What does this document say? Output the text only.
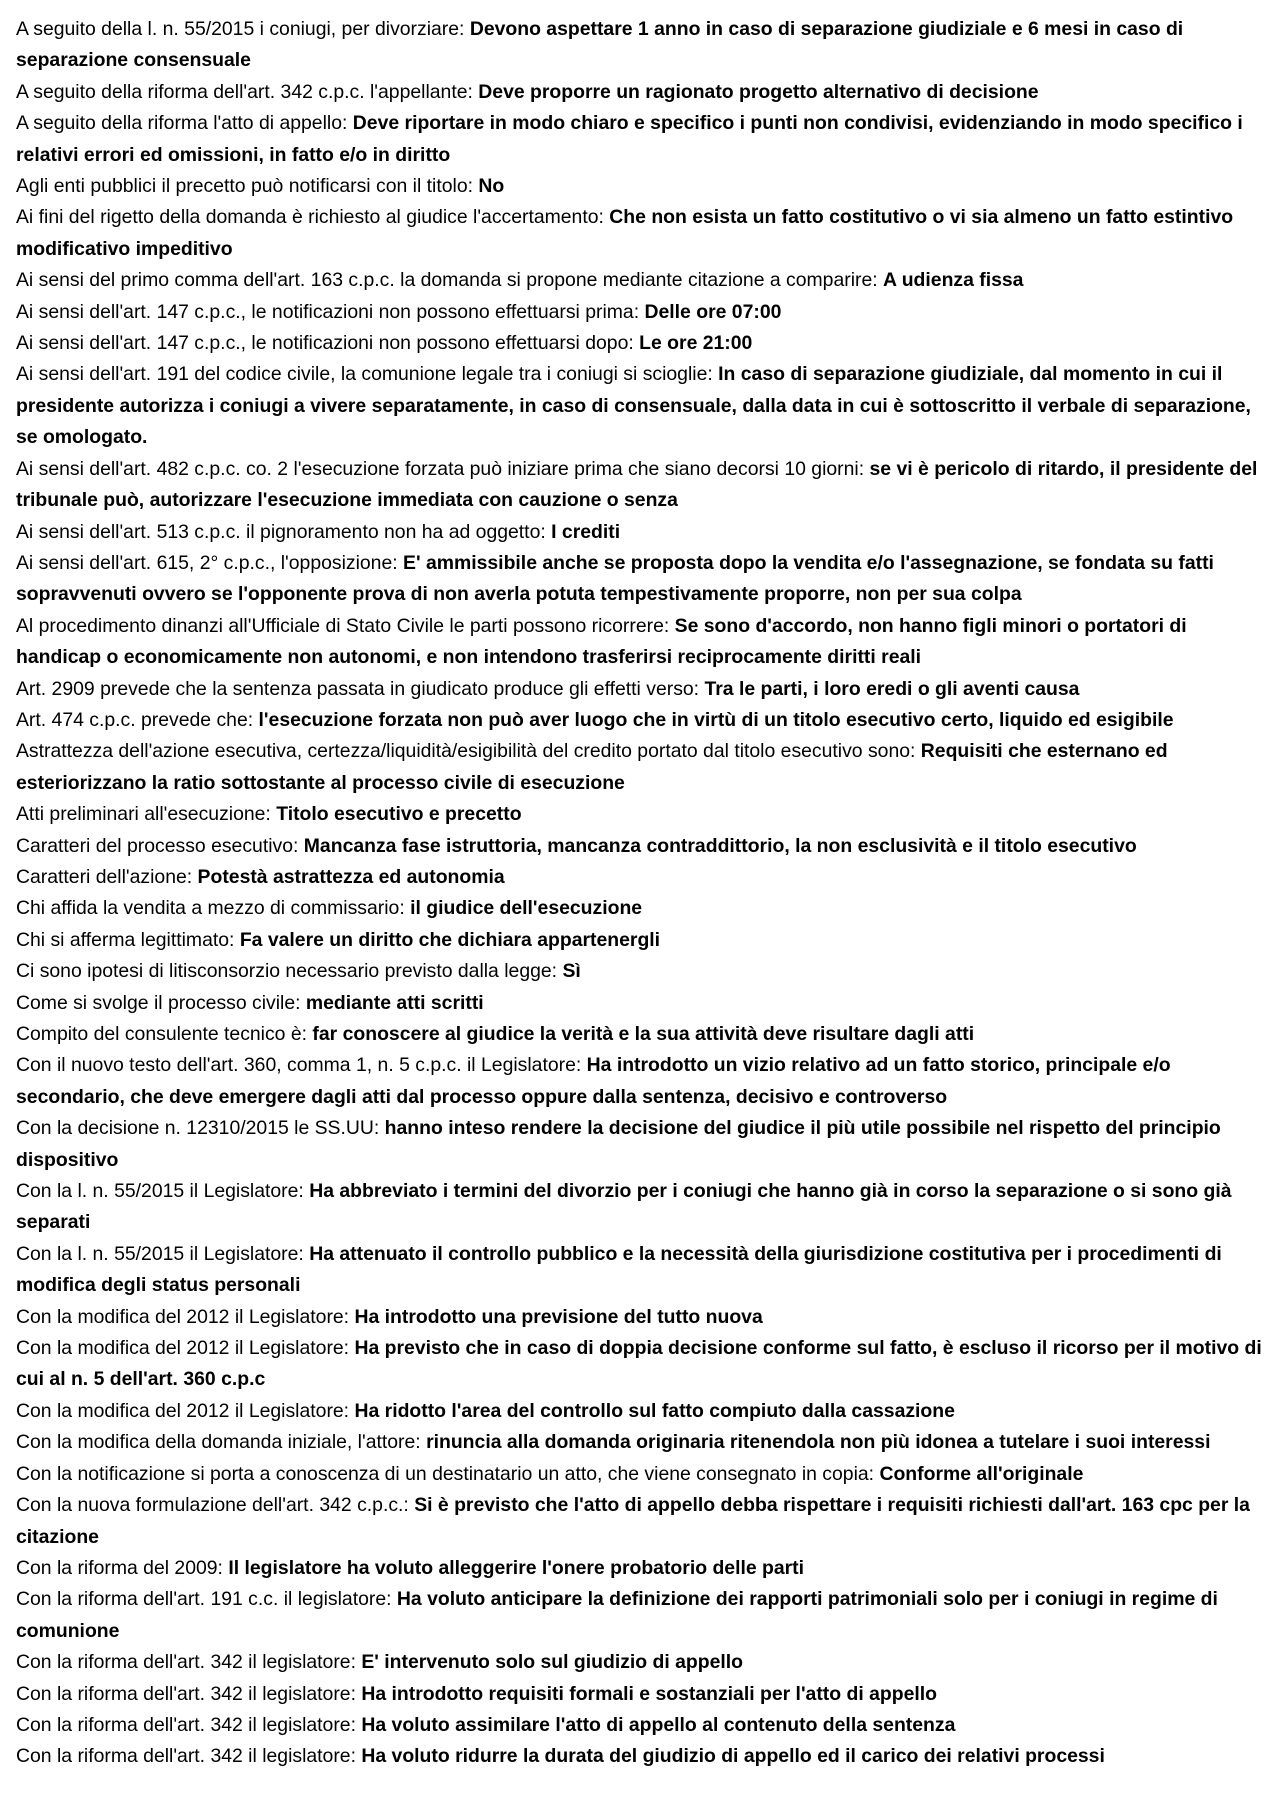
A seguito della l. n. 55/2015 i coniugi, per divorziare: Devono aspettare 1 anno in caso di separazione giudiziale e 6 mesi in caso di separazione consensuale

A seguito della riforma dell'art. 342 c.p.c. l'appellante: Deve proporre un ragionato progetto alternativo di decisione

A seguito della riforma l'atto di appello: Deve riportare in modo chiaro e specifico i punti non condivisi, evidenziando in modo specifico i relativi errori ed omissioni, in fatto e/o in diritto

Agli enti pubblici il precetto può notificarsi con il titolo: No

Ai fini del rigetto della domanda è richiesto al giudice l'accertamento: Che non esista un fatto costitutivo o vi sia almeno un fatto estintivo modificativo impeditivo

Ai sensi del primo comma dell'art. 163 c.p.c. la domanda si propone mediante citazione a comparire: A udienza fissa

Ai sensi dell'art. 147 c.p.c., le notificazioni non possono effettuarsi prima: Delle ore 07:00

Ai sensi dell'art. 147 c.p.c., le notificazioni non possono effettuarsi dopo: Le ore 21:00

Ai sensi dell'art. 191 del codice civile, la comunione legale tra i coniugi si scioglie: In caso di separazione giudiziale, dal momento in cui il presidente autorizza i coniugi a vivere separatamente, in caso di consensuale, dalla data in cui è sottoscritto il verbale di separazione, se omologato.

Ai sensi dell'art. 482 c.p.c. co. 2 l'esecuzione forzata può iniziare prima che siano decorsi 10 giorni: se vi è pericolo di ritardo, il presidente del tribunale può, autorizzare l'esecuzione immediata con cauzione o senza

Ai sensi dell'art. 513 c.p.c. il pignoramento non ha ad oggetto: I crediti

Ai sensi dell'art. 615, 2° c.p.c., l'opposizione: E' ammissibile anche se proposta dopo la vendita e/o l'assegnazione, se fondata su fatti sopravvenuti ovvero se l'opponente prova di non averla potuta tempestivamente proporre, non per sua colpa

Al procedimento dinanzi all'Ufficiale di Stato Civile le parti possono ricorrere: Se sono d'accordo, non hanno figli minori o portatori di handicap o economicamente non autonomi, e non intendono trasferirsi reciprocamente diritti reali

Art. 2909 prevede che la sentenza passata in giudicato produce gli effetti verso: Tra le parti, i loro eredi o gli aventi causa

Art. 474 c.p.c. prevede che: l'esecuzione forzata non può aver luogo che in virtù di un titolo esecutivo certo, liquido ed esigibile

Astrattezza dell'azione esecutiva, certezza/liquidità/esigibilità del credito portato dal titolo esecutivo sono: Requisiti che esternano ed esteriorizzano la ratio sottostante al processo civile di esecuzione

Atti preliminari all'esecuzione: Titolo esecutivo e precetto

Caratteri del processo esecutivo: Mancanza fase istruttoria, mancanza contraddittorio, la non esclusività e il titolo esecutivo

Caratteri dell'azione: Potestà astrattezza ed autonomia

Chi affida la vendita a mezzo di commissario: il giudice dell'esecuzione

Chi si afferma legittimato: Fa valere un diritto che dichiara appartenergli

Ci sono ipotesi di litisconsorzio necessario previsto dalla legge: Sì

Come si svolge il processo civile: mediante atti scritti

Compito del consulente tecnico è: far conoscere al giudice la verità e la sua attività deve risultare dagli atti

Con il nuovo testo dell'art. 360, comma 1, n. 5 c.p.c. il Legislatore: Ha introdotto un vizio relativo ad un fatto storico, principale e/o secondario, che deve emergere dagli atti dal processo oppure dalla sentenza, decisivo e controverso

Con la decisione n. 12310/2015 le SS.UU: hanno inteso rendere la decisione del giudice il più utile possibile nel rispetto del principio dispositivo

Con la l. n. 55/2015 il Legislatore: Ha abbreviato i termini del divorzio per i coniugi che hanno già in corso la separazione o si sono già separati

Con la l. n. 55/2015 il Legislatore: Ha attenuato il controllo pubblico e la necessità della giurisdizione costitutiva per i procedimenti di modifica degli status personali

Con la modifica del 2012 il Legislatore: Ha introdotto una previsione del tutto nuova

Con la modifica del 2012 il Legislatore: Ha previsto che in caso di doppia decisione conforme sul fatto, è escluso il ricorso per il motivo di cui al n. 5 dell'art. 360 c.p.c

Con la modifica del 2012 il Legislatore: Ha ridotto l'area del controllo sul fatto compiuto dalla cassazione

Con la modifica della domanda iniziale, l'attore: rinuncia alla domanda originaria ritenendola non più idonea a tutelare i suoi interessi

Con la notificazione si porta a conoscenza di un destinatario un atto, che viene consegnato in copia: Conforme all'originale

Con la nuova formulazione dell'art. 342 c.p.c.: Si è previsto che l'atto di appello debba rispettare i requisiti richiesti dall'art. 163 cpc per la citazione

Con la riforma del 2009: Il legislatore ha voluto alleggerire l'onere probatorio delle parti

Con la riforma dell'art. 191 c.c. il legislatore: Ha voluto anticipare la definizione dei rapporti patrimoniali solo per i coniugi in regime di comunione

Con la riforma dell'art. 342 il legislatore: E' intervenuto solo sul giudizio di appello

Con la riforma dell'art. 342 il legislatore: Ha introdotto requisiti formali e sostanziali per l'atto di appello

Con la riforma dell'art. 342 il legislatore: Ha voluto assimilare l'atto di appello al contenuto della sentenza

Con la riforma dell'art. 342 il legislatore: Ha voluto ridurre la durata del giudizio di appello ed il carico dei relativi processi
